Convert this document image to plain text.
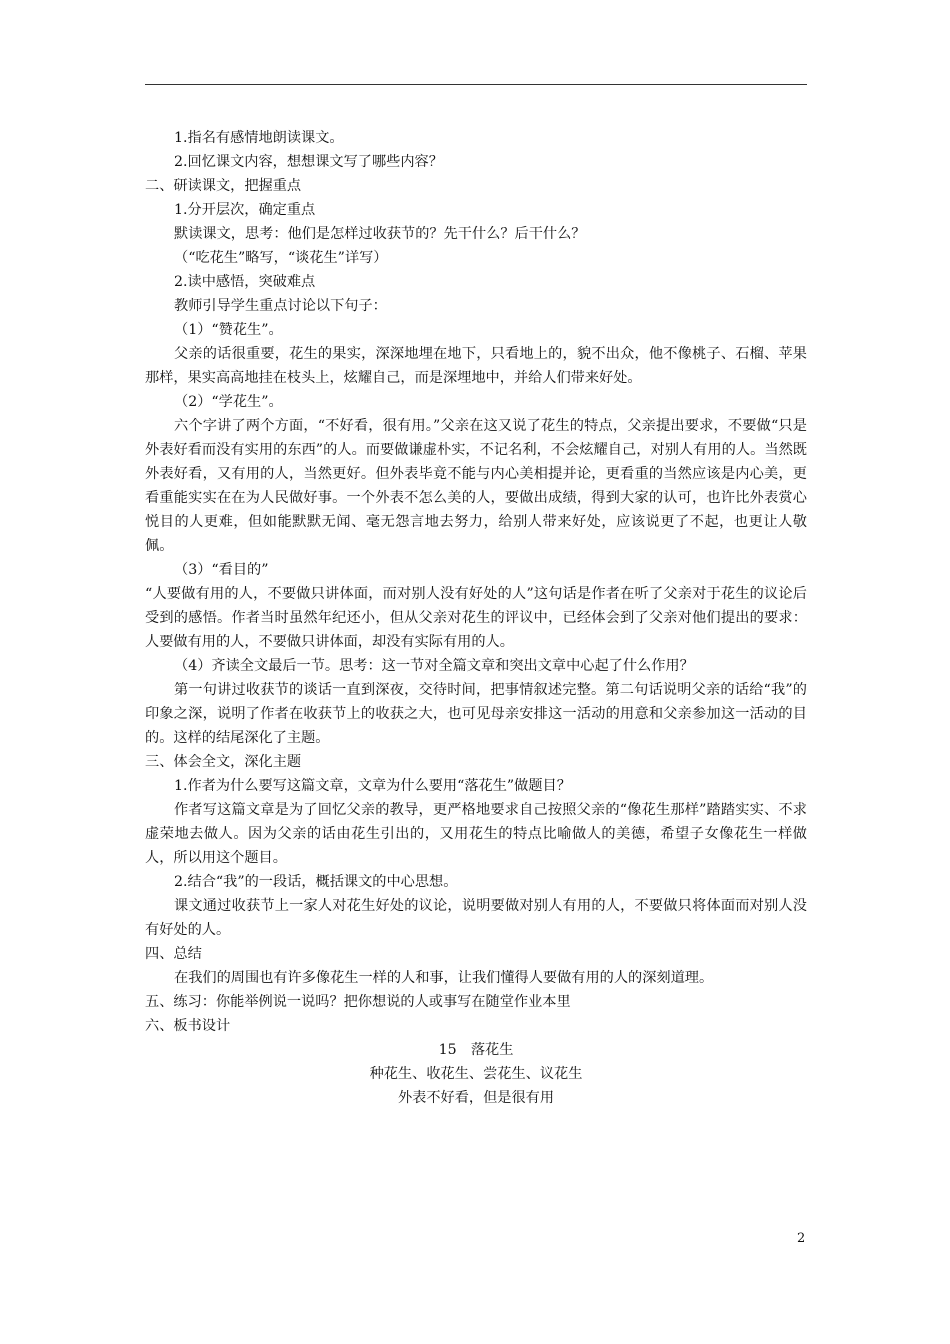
1.指名有感情地朗读课文。
2.回忆课文内容，想想课文写了哪些内容？
二、研读课文，把握重点
1.分开层次，确定重点
默读课文，思考：他们是怎样过收获节的？先干什么？后干什么？
（“吃花生”略写，“谈花生”详写）
2.读中感悟，突破难点
教师引导学生重点讨论以下句子：
（1）“赞花生”。
父亲的话很重要，花生的果实，深深地埋在地下，只看地上的，貌不出众，他不像桃子、石榴、苹果那样，果实高高地挂在枝头上，炫耀自己，而是深埋地中，并给人们带来好处。
（2）“学花生”。
六个字讲了两个方面，“不好看，很有用。”父亲在这又说了花生的特点，父亲提出要求，不要做“只是外表好看而没有实用的东西”的人。而要做谦虚朴实，不记名利，不会炫耀自己，对别人有用的人。当然既外表好看，又有用的人，当然更好。但外表毕竟不能与内心美相提并论，更看重的当然应该是内心美，更看重能实实在在为人民做好事。一个外表不怎么美的人，要做出成绩，得到大家的认可，也许比外表赏心悦目的人更难，但如能默默无闻、毫无怨言地去努力，给别人带来好处，应该说更了不起，也更让人敬佩。
（3）“看目的”
“人要做有用的人，不要做只讲体面，而对别人没有好处的人”这句话是作者在听了父亲对于花生的议论后受到的感悟。作者当时虽然年纪还小，但从父亲对花生的评议中，已经体会到了父亲对他们提出的要求：人要做有用的人，不要做只讲体面，却没有实际有用的人。
（4）齐读全文最后一节。思考：这一节对全篇文章和突出文章中心起了什么作用？
第一句讲过收获节的谈话一直到深夜，交待时间，把事情叙述完整。第二句话说明父亲的话给“我”的印象之深，说明了作者在收获节上的收获之大，也可见母亲安排这一活动的用意和父亲参加这一活动的目的。这样的结尾深化了主题。
三、体会全文，深化主题
1.作者为什么要写这篇文章，文章为什么要用“落花生”做题目？
作者写这篇文章是为了回忆父亲的教导，更严格地要求自己按照父亲的“像花生那样”踏踏实实、不求虚荣地去做人。因为父亲的话由花生引出的，又用花生的特点比喻做人的美德，希望子女像花生一样做人，所以用这个题目。
2.结合“我”的一段话，概括课文的中心思想。
课文通过收获节上一家人对花生好处的议论，说明要做对别人有用的人，不要做只将体面而对别人没有好处的人。
四、总结
在我们的周围也有许多像花生一样的人和事，让我们懂得人要做有用的人的深刻道理。
五、练习：你能举例说一说吗？把你想说的人或事写在随堂作业本里
六、板书设计
15　落花生
种花生、收花生、尝花生、议花生
外表不好看，但是很有用
2
